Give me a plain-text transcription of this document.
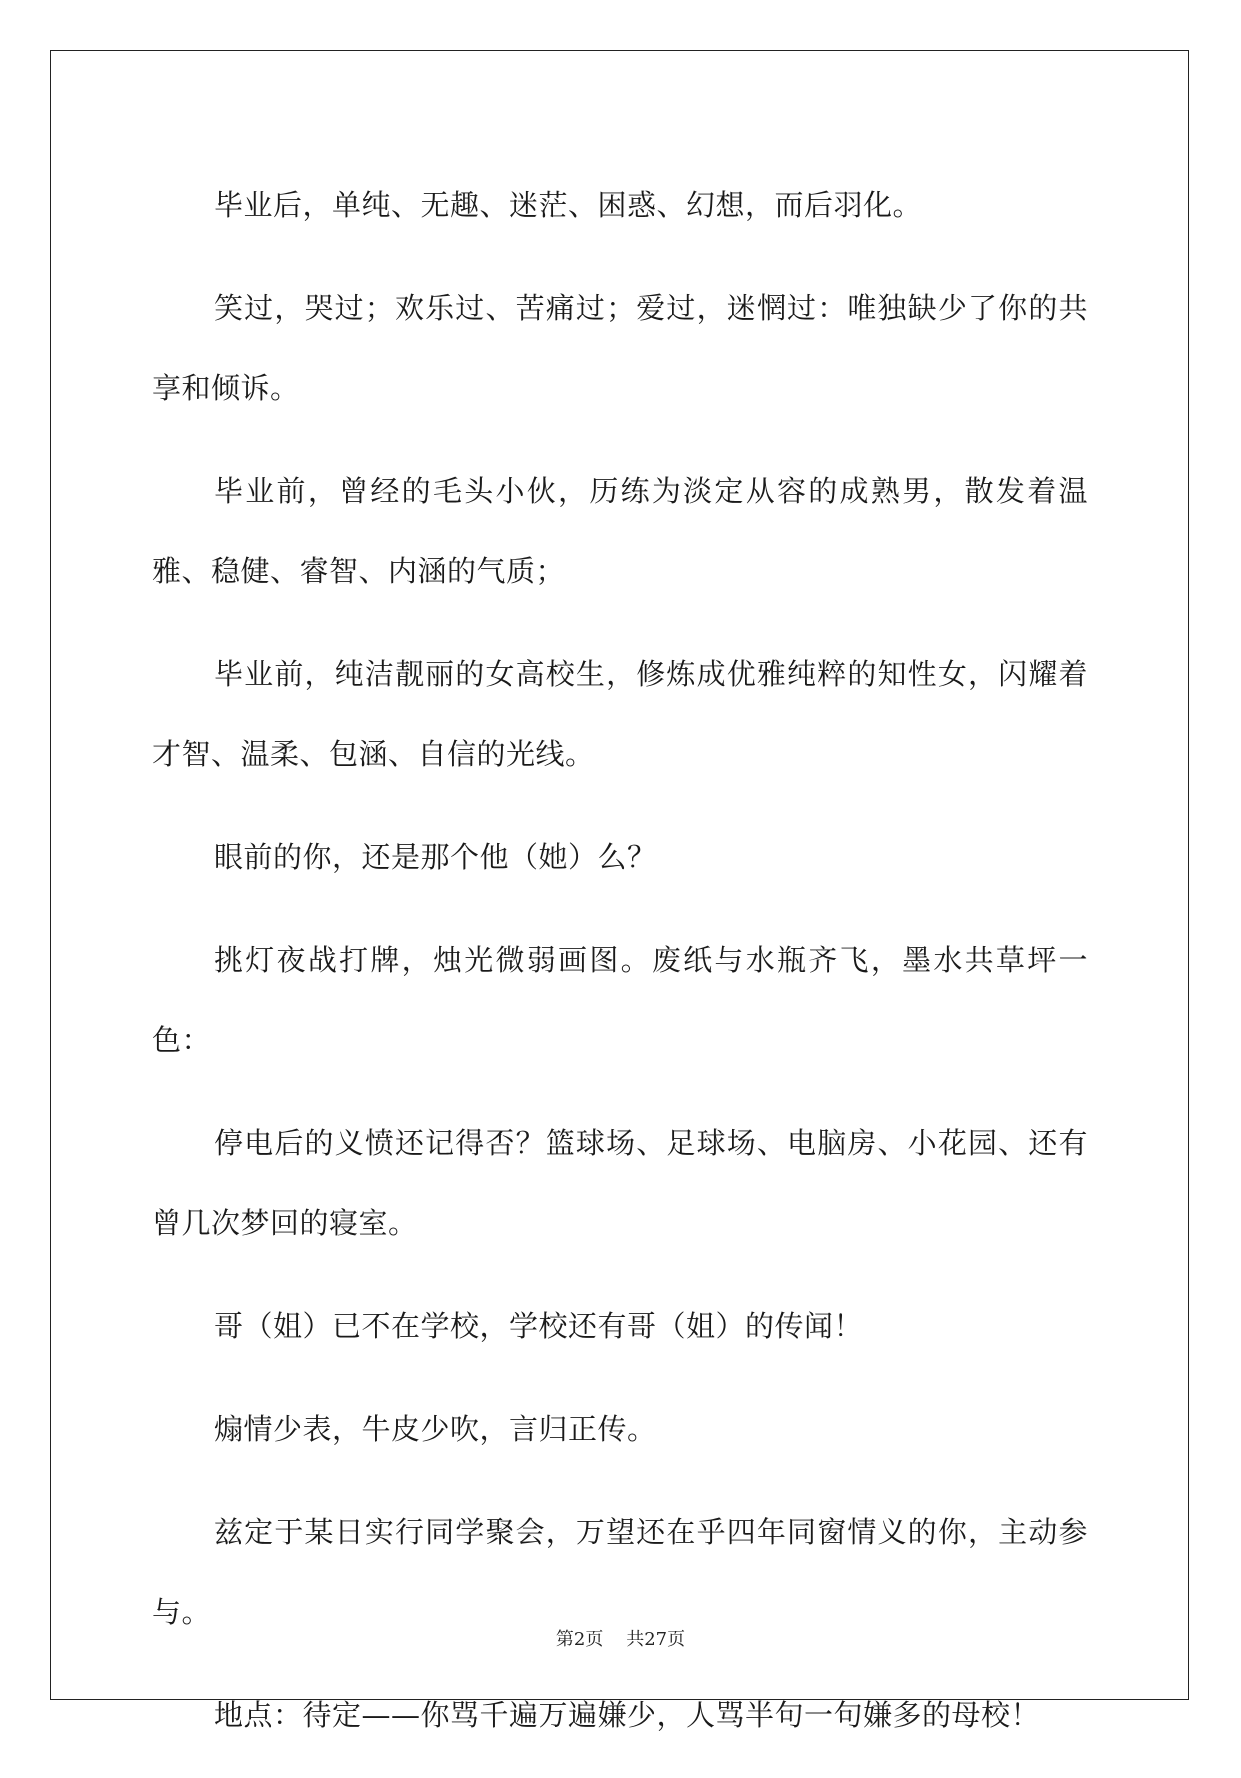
毕业后，单纯、无趣、迷茫、困惑、幻想，而后羽化。

笑过，哭过；欢乐过、苦痛过；爱过，迷惘过：唯独缺少了你的共享和倾诉。

毕业前，曾经的毛头小伙，历练为淡定从容的成熟男，散发着温雅、稳健、睿智、内涵的气质；

毕业前，纯洁靓丽的女高校生，修炼成优雅纯粹的知性女，闪耀着才智、温柔、包涵、自信的光线。

眼前的你，还是那个他（她）么？

挑灯夜战打牌，烛光微弱画图。废纸与水瓶齐飞，墨水共草坪一色：

停电后的义愤还记得否？篮球场、足球场、电脑房、小花园、还有曾几次梦回的寝室。

哥（姐）已不在学校，学校还有哥（姐）的传闻！

煽情少表，牛皮少吹，言归正传。

兹定于某日实行同学聚会，万望还在乎四年同窗情义的你，主动参与。

地点：待定——你骂千遍万遍嫌少，人骂半句一句嫌多的母校！

第2页 共27页
